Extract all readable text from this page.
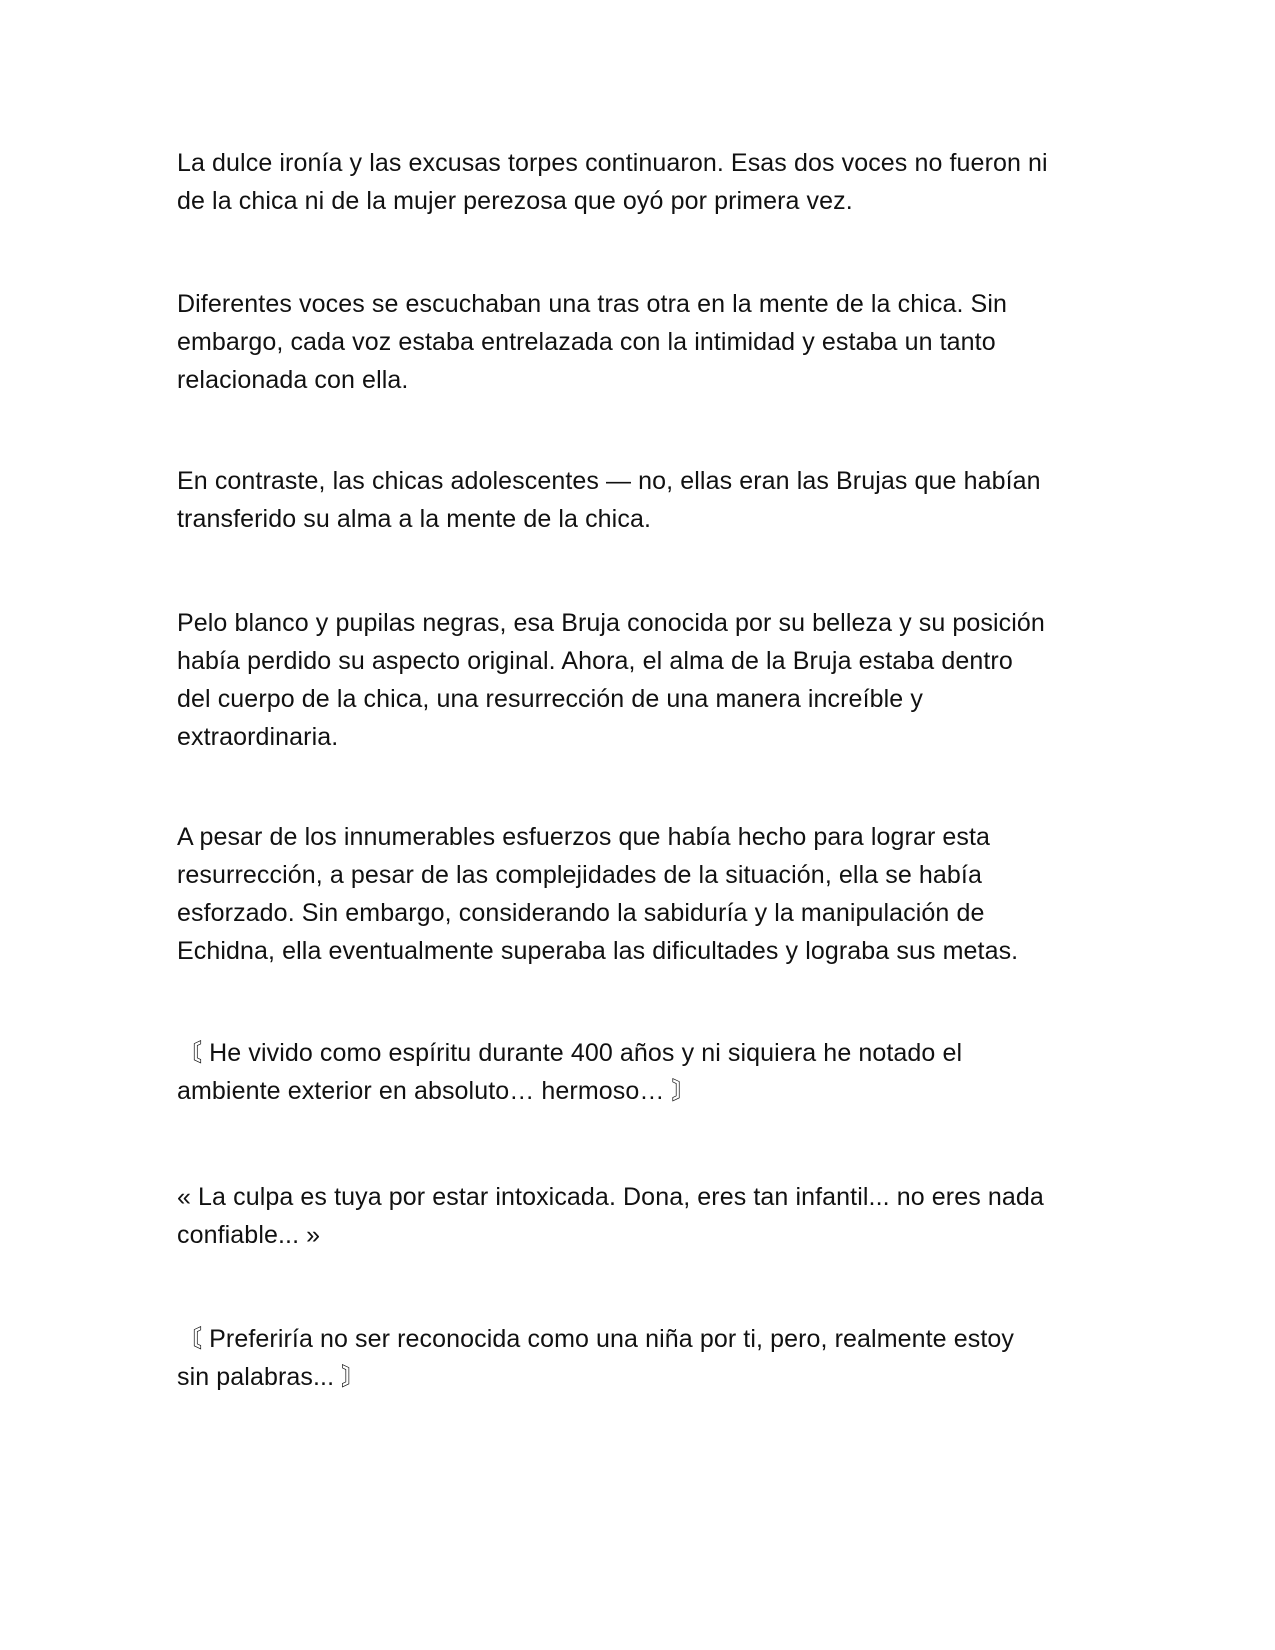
La dulce ironía y las excusas torpes continuaron. Esas dos voces no fueron ni
de la chica ni de la mujer perezosa que oyó por primera vez.

Diferentes voces se escuchaban una tras otra en la mente de la chica. Sin
embargo, cada voz estaba entrelazada con la intimidad y estaba un tanto
relacionada con ella.

En contraste, las chicas adolescentes — no, ellas eran las Brujas que habían
transferido su alma a la mente de la chica.

Pelo blanco y pupilas negras, esa Bruja conocida por su belleza y su posición
había perdido su aspecto original. Ahora, el alma de la Bruja estaba dentro
del cuerpo de la chica, una resurrección de una manera increíble y
extraordinaria.

A pesar de los innumerables esfuerzos que había hecho para lograr esta
resurrección, a pesar de las complejidades de la situación, ella se había
esforzado. Sin embargo, considerando la sabiduría y la manipulación de
Echidna, ella eventualmente superaba las dificultades y lograba sus metas.

〘 He vivido como espíritu durante 400 años y ni siquiera he notado el
ambiente exterior en absoluto… hermoso… 〙

« La culpa es tuya por estar intoxicada. Dona, eres tan infantil... no eres nada
confiable... »

〘 Preferiría no ser reconocida como una niña por ti, pero, realmente estoy
sin palabras... 〙
